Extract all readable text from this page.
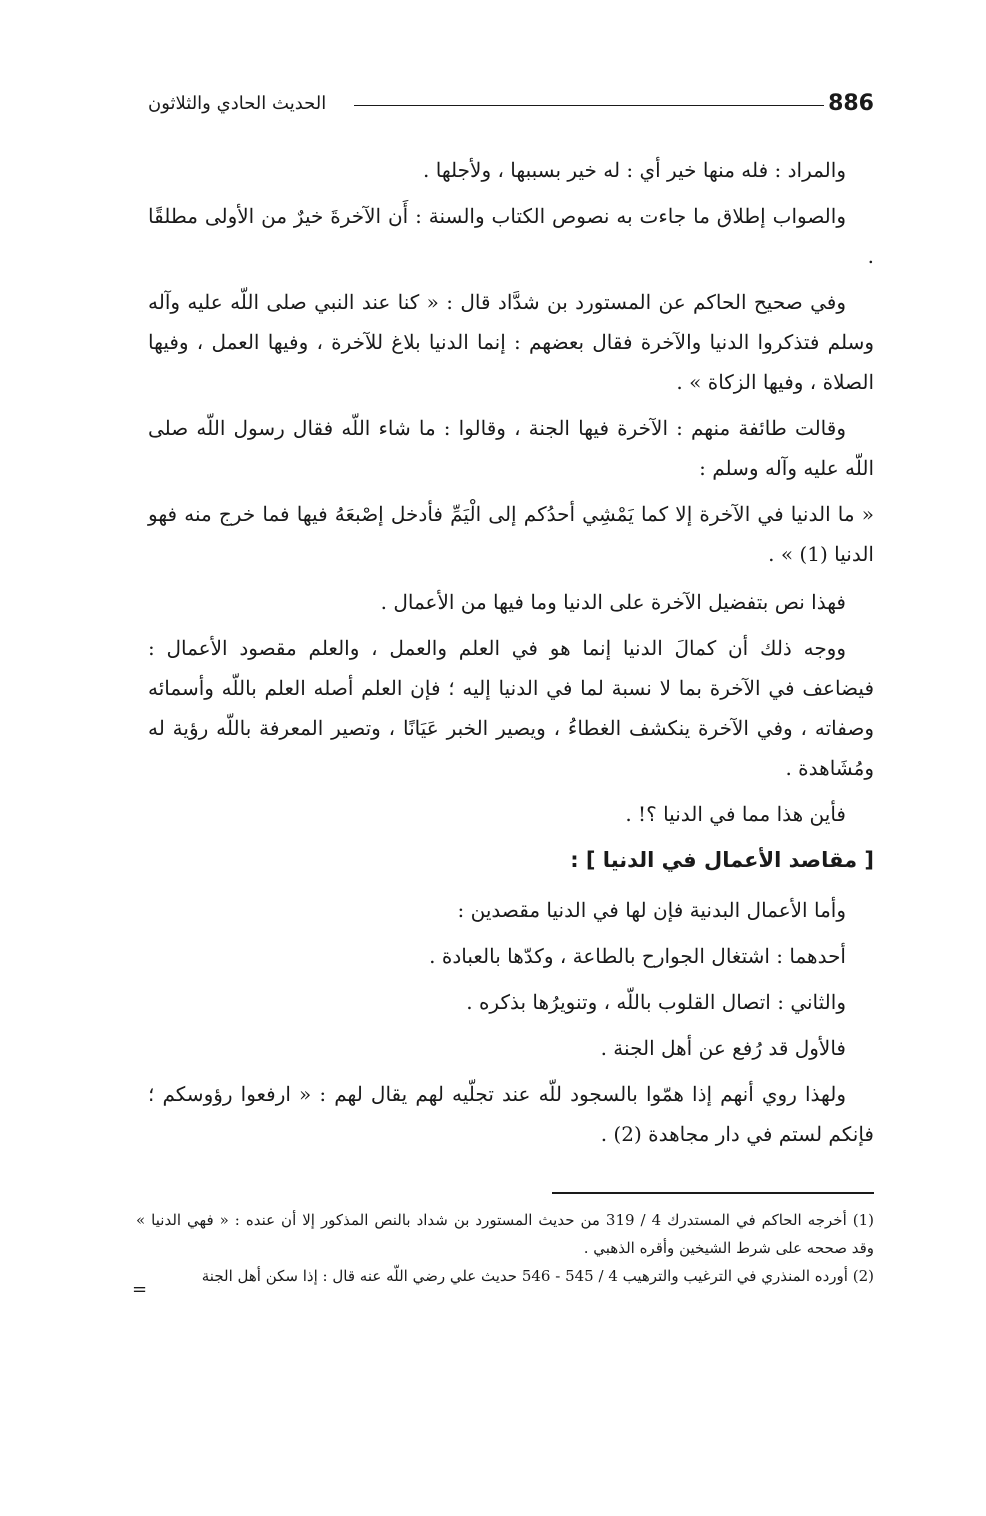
886
الحديث الحادي والثلاثون

والمراد : فله منها خير أي : له خير بسببها ، ولأجلها .

والصواب إطلاق ما جاءت به نصوص الكتاب والسنة : أَن الآخرةَ خيرٌ من الأولى مطلقًا .

وفي صحيح الحاكم عن المستورد بن شدَّاد قال : « كنا عند النبي صلى اللّه عليه وآله وسلم فتذكروا الدنيا والآخرة فقال بعضهم : إنما الدنيا بلاغ للآخرة ، وفيها العمل ، وفيها الصلاة ، وفيها الزكاة » .

وقالت طائفة منهم : الآخرة فيها الجنة ، وقالوا : ما شاء اللّه فقال رسول اللّه صلى اللّه عليه وآله وسلم :

« ما الدنيا في الآخرة إلا كما يَمْشِي أحدُكم إلى الْيَمِّ فأدخل إصْبعَهُ فيها فما خرج منه فهو الدنيا (1) » .

فهذا نص بتفضيل الآخرة على الدنيا وما فيها من الأعمال .

ووجه ذلك أن كمالَ الدنيا إنما هو في العلم والعمل ، والعلم مقصود الأعمال : فيضاعف في الآخرة بما لا نسبة لما في الدنيا إليه ؛ فإن العلم أصله العلم باللّه وأسمائه وصفاته ، وفي الآخرة ينكشف الغطاءُ ، ويصير الخبر عَيَانًا ، وتصير المعرفة باللّه رؤية له ومُشَاهدة .

فأين هذا مما في الدنيا ؟! .

[ مقاصد الأعمال في الدنيا ] :

وأما الأعمال البدنية فإن لها في الدنيا مقصدين :

أحدهما : اشتغال الجوارح بالطاعة ، وكدّها بالعبادة .

والثاني : اتصال القلوب باللّه ، وتنويرُها بذكره .

فالأول قد رُفع عن أهل الجنة .

ولهذا روي أنهم إذا همّوا بالسجود للّه عند تجلّيه لهم يقال لهم : « ارفعوا رؤوسكم ؛ فإنكم لستم في دار مجاهدة (2) .

(1) أخرجه الحاكم في المستدرك 4 / 319 من حديث المستورد بن شداد بالنص المذكور إلا أن عنده : « فهي الدنيا » وقد صححه على شرط الشيخين وأقره الذهبي .

(2) أورده المنذري في الترغيب والترهيب 4 / 545 - 546 حديث علي رضي اللّه عنه قال : إذا سكن أهل الجنة

=
